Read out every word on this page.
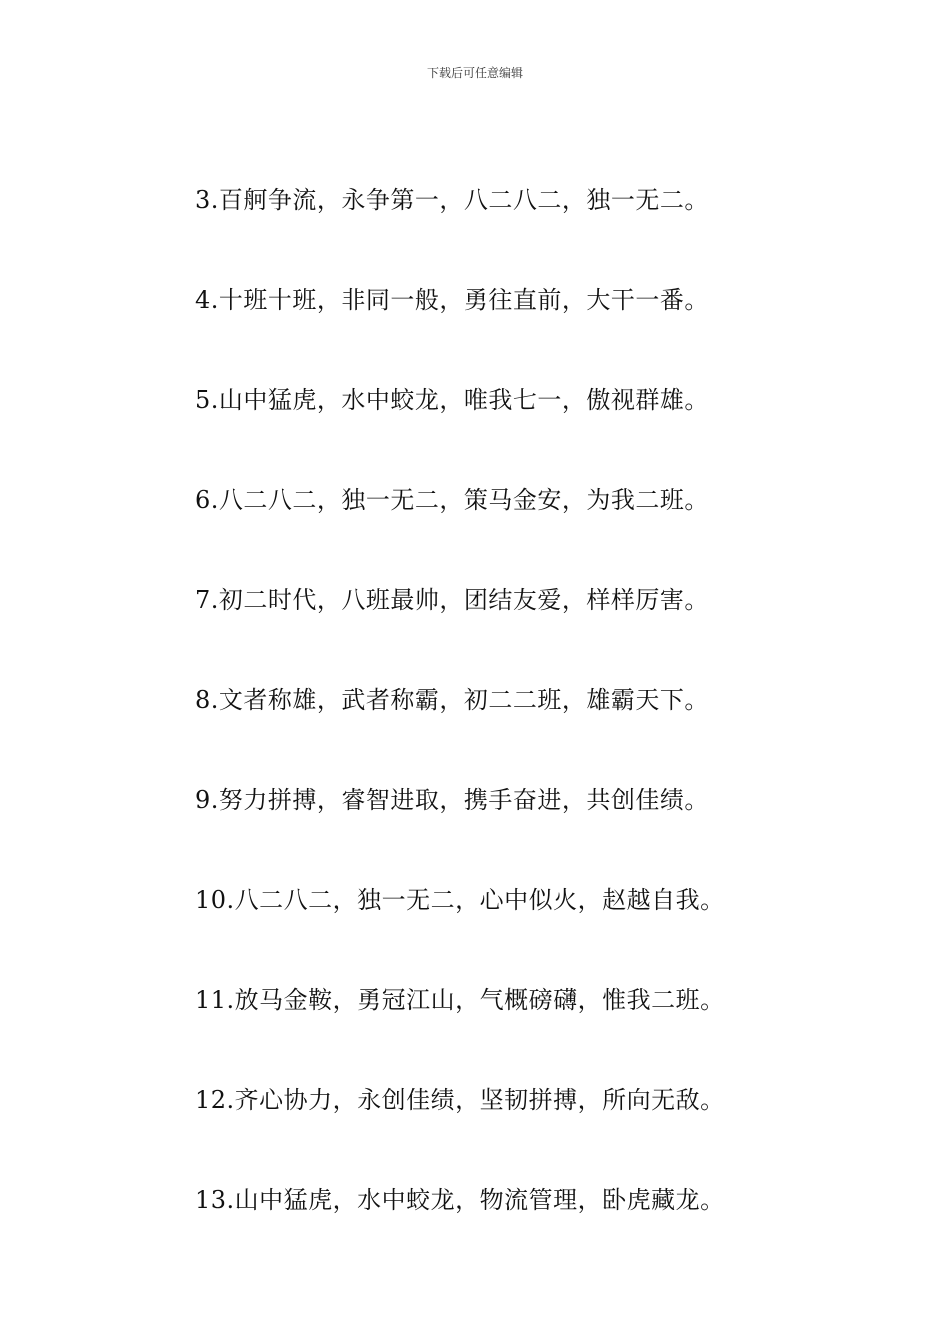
下载后可任意编辑
3.百舸争流，永争第一，八二八二，独一无二。
4.十班十班，非同一般，勇往直前，大干一番。
5.山中猛虎，水中蛟龙，唯我七一，傲视群雄。
6.八二八二，独一无二，策马金安，为我二班。
7.初二时代，八班最帅，团结友爱，样样厉害。
8.文者称雄，武者称霸，初二二班，雄霸天下。
9.努力拼搏，睿智进取，携手奋进，共创佳绩。
10.八二八二，独一无二，心中似火，赵越自我。
11.放马金鞍，勇冠江山，气概磅礴，惟我二班。
12.齐心协力，永创佳绩，坚韧拼搏，所向无敌。
13.山中猛虎，水中蛟龙，物流管理，卧虎藏龙。
